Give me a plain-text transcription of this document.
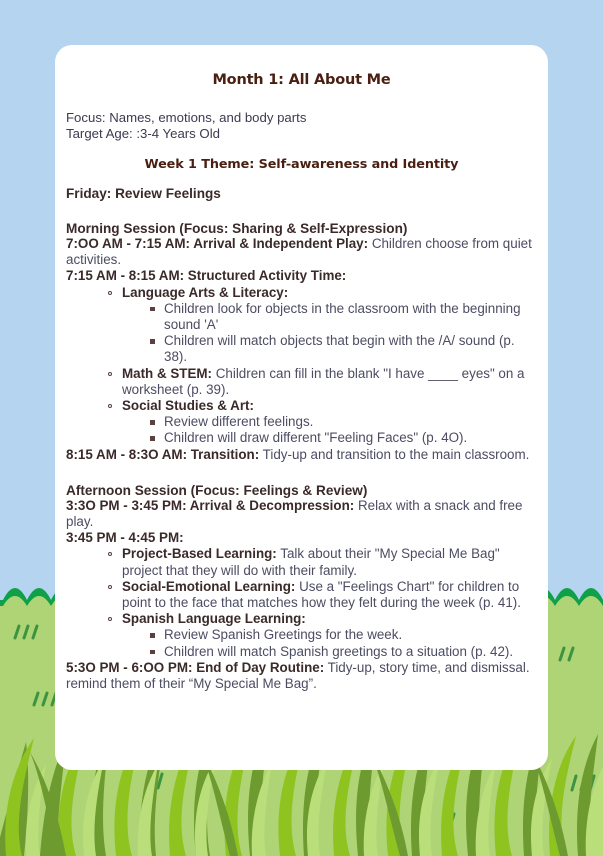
Month 1: All About Me
Focus: Names, emotions, and body parts
Target Age: :3-4 Years Old
Week 1 Theme: Self-awareness and Identity
Friday: Review Feelings
Morning Session (Focus: Sharing & Self-Expression)
7:OO AM - 7:15 AM: Arrival & Independent Play: Children choose from quiet activities.
7:15 AM - 8:15 AM: Structured Activity Time:
Language Arts & Literacy:
Children look for objects in the classroom with the beginning sound 'A'
Children will match objects that begin with the /A/ sound (p. 38).
Math & STEM: Children can fill in the blank "I have ____ eyes" on a worksheet (p. 39).
Social Studies & Art:
Review different feelings.
Children will draw different "Feeling Faces" (p. 4O).
8:15 AM - 8:3O AM: Transition: Tidy-up and transition to the main classroom.
Afternoon Session (Focus: Feelings & Review)
3:3O PM - 3:45 PM: Arrival & Decompression: Relax with a snack and free play.
3:45 PM - 4:45 PM:
Project-Based Learning: Talk about their "My Special Me Bag" project that they will do with their family.
Social-Emotional Learning: Use a "Feelings Chart" for children to point to the face that matches how they felt during the week (p. 41).
Spanish Language Learning:
Review Spanish Greetings for the week.
Children will match Spanish greetings to a situation (p. 42).
5:3O PM - 6:OO PM: End of Day Routine: Tidy-up, story time, and dismissal. remind them of their “My Special Me Bag”.
